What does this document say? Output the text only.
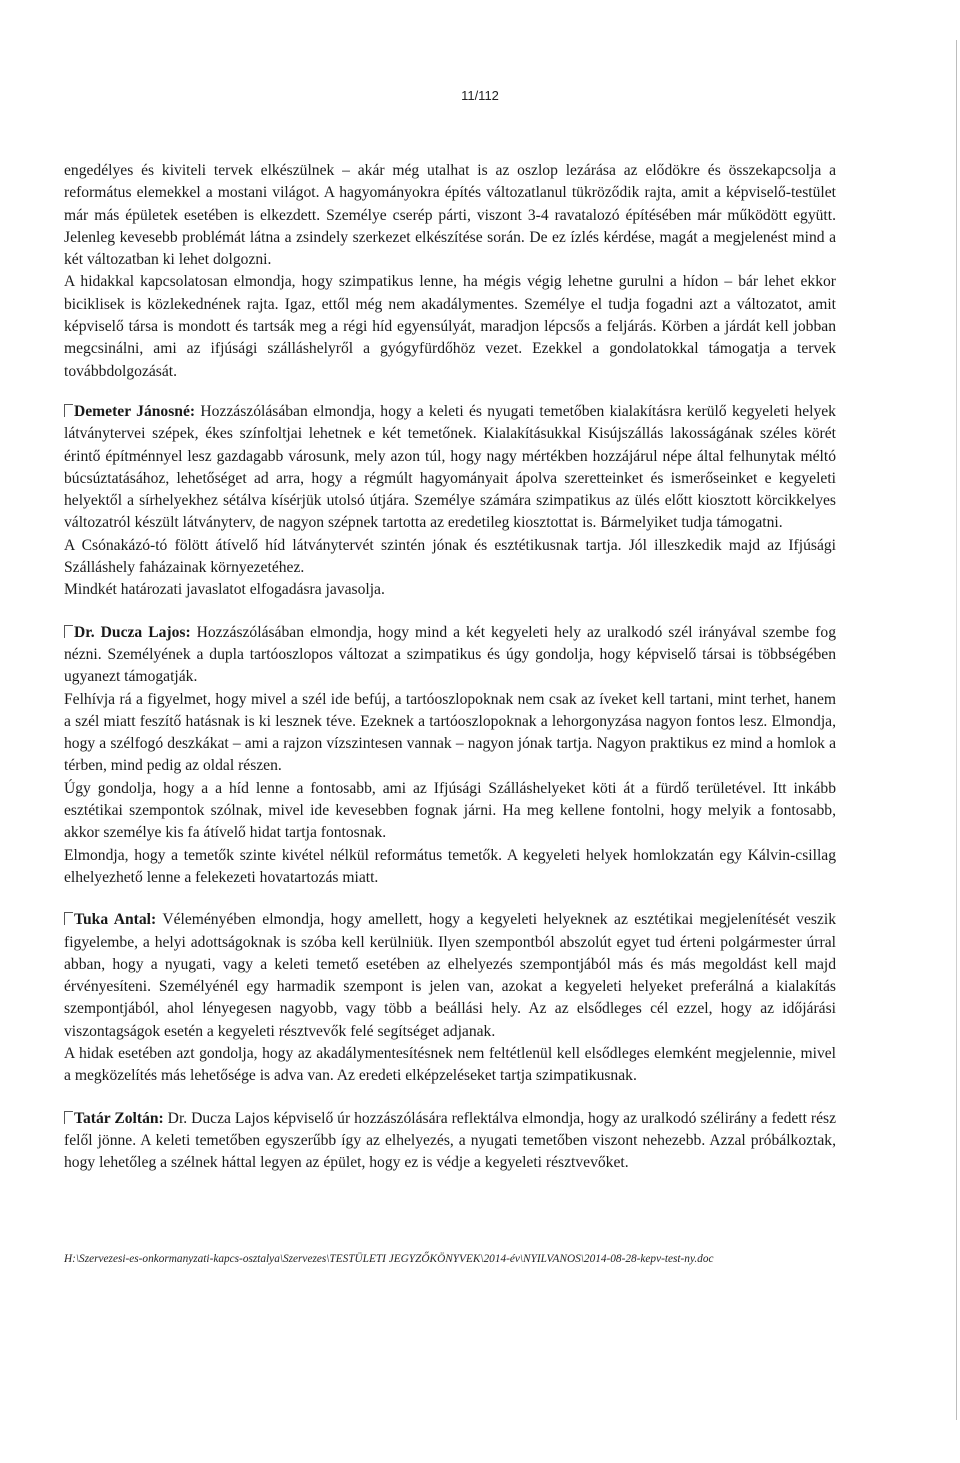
11/112

engedélyes és kiviteli tervek elkészülnek – akár még utalhat is az oszlop lezárása az elődökre és összekapcsolja a református elemekkel a mostani világot. A hagyományokra építés változatlanul tükröződik rajta, amit a képviselő-testület már más épületek esetében is elkezdett. Személye cserép párti, viszont 3-4 ravatalozó építésében már működött együtt. Jelenleg kevesebb problémát látna a zsindely szerkezet elkészítése során. De ez ízlés kérdése, magát a megjelenést mind a két változatban ki lehet dolgozni.

A hidakkal kapcsolatosan elmondja, hogy szimpatikus lenne, ha mégis végig lehetne gurulni a hídon – bár lehet ekkor biciklisek is közlekednének rajta. Igaz, ettől még nem akadálymentes. Személye el tudja fogadni azt a változatot, amit képviselő társa is mondott és tartsák meg a régi híd egyensúlyát, maradjon lépcsős a feljárás. Körben a járdát kell jobban megcsinálni, ami az ifjúsági szálláshelyről a gyógyfürdőhöz vezet. Ezekkel a gondolatokkal támogatja a tervek továbbdolgozását.

Demeter Jánosné: Hozzászólásában elmondja, hogy a keleti és nyugati temetőben kialakításra kerülő kegyeleti helyek látványtervei szépek, ékes színfoltjai lehetnek e két temetőnek. Kialakításukkal Kisújszállás lakosságának széles körét érintő építménnyel lesz gazdagabb városunk, mely azon túl, hogy nagy mértékben hozzájárul népe által felhunytak méltó búcsúztatásához, lehetőséget ad arra, hogy a régmúlt hagyományait ápolva szeretteinket és ismerőseinket e kegyeleti helyektől a sírhelyekhez sétálva kísérjük utolsó útjára. Személye számára szimpatikus az ülés előtt kiosztott körcikkelyes változatról készült látványterv, de nagyon szépnek tartotta az eredetileg kiosztottat is. Bármelyiket tudja támogatni.

A Csónakázó-tó fölött átívelő híd látványtervét szintén jónak és esztétikusnak tartja. Jól illeszkedik majd az Ifjúsági Szálláshely faházainak környezetéhez.

Mindkét határozati javaslatot elfogadásra javasolja.

Dr. Ducza Lajos: Hozzászólásában elmondja, hogy mind a két kegyeleti hely az uralkodó szél irányával szembe fog nézni. Személyének a dupla tartóoszlopos változat a szimpatikus és úgy gondolja, hogy képviselő társai is többségében ugyanezt támogatják.

Felhívja rá a figyelmet, hogy mivel a szél ide befúj, a tartóoszlopoknak nem csak az íveket kell tartani, mint terhet, hanem a szél miatt feszítő hatásnak is ki lesznek téve. Ezeknek a tartóoszlopoknak a lehorgonyzása nagyon fontos lesz. Elmondja, hogy a szélfogó deszkákat – ami a rajzon vízszintesen vannak – nagyon jónak tartja. Nagyon praktikus ez mind a homlok a térben, mind pedig az oldal részen.

Úgy gondolja, hogy a a híd lenne a fontosabb, ami az Ifjúsági Szálláshelyeket köti át a fürdő területével. Itt inkább esztétikai szempontok szólnak, mivel ide kevesebben fognak járni. Ha meg kellene fontolni, hogy melyik a fontosabb, akkor személye kis fa átívelő hidat tartja fontosnak.

Elmondja, hogy a temetők szinte kivétel nélkül református temetők. A kegyeleti helyek homlokzatán egy Kálvin-csillag elhelyezhető lenne a felekezeti hovatartozás miatt.

Tuka Antal: Véleményében elmondja, hogy amellett, hogy a kegyeleti helyeknek az esztétikai megjelenítését veszik figyelembe, a helyi adottságoknak is szóba kell kerülniük. Ilyen szempontból abszolút egyet tud érteni polgármester úrral abban, hogy a nyugati, vagy a keleti temető esetében az elhelyezés szempontjából más és más megoldást kell majd érvényesíteni. Személyénél egy harmadik szempont is jelen van, azokat a kegyeleti helyeket preferálná a kialakítás szempontjából, ahol lényegesen nagyobb, vagy több a beállási hely. Az az elsődleges cél ezzel, hogy az időjárási viszontagságok esetén a kegyeleti résztvevők felé segítséget adjanak.

A hidak esetében azt gondolja, hogy az akadálymentesítésnek nem feltétlenül kell elsődleges elemként megjelennie, mivel a megközelítés más lehetősége is adva van. Az eredeti elképzeléseket tartja szimpatikusnak.

Tatár Zoltán: Dr. Ducza Lajos képviselő úr hozzászólására reflektálva elmondja, hogy az uralkodó szélirány a fedett rész felől jönne. A keleti temetőben egyszerűbb így az elhelyezés, a nyugati temetőben viszont nehezebb. Azzal próbálkoztak, hogy lehetőleg a szélnek háttal legyen az épület, hogy ez is védje a kegyeleti résztvevőket.

H:\Szervezesi-es-onkormanyzati-kapcs-osztalya\Szervezes\TESTÜLETI JEGYZŐKÖNYVEK\2014-év\NYILVANOS\2014-08-28-kepv-test-ny.doc
